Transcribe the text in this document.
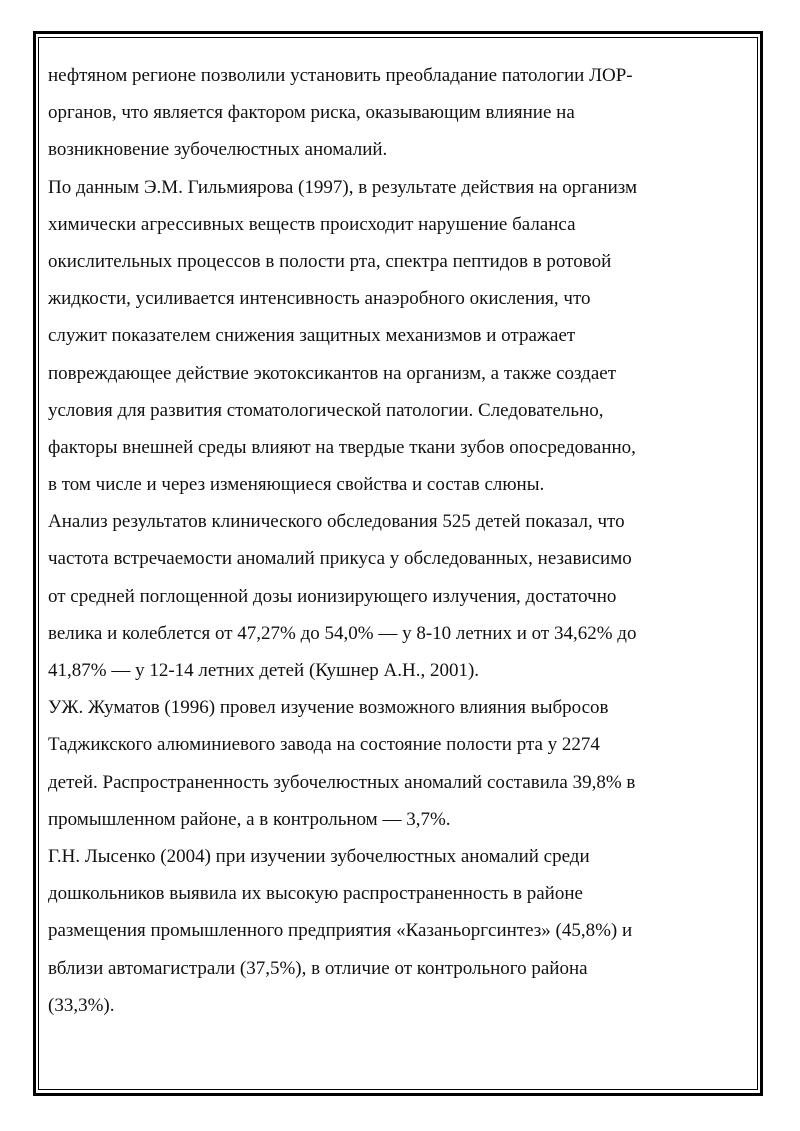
нефтяном регионе позволили установить преобладание патологии ЛОР-
органов, что является фактором риска, оказывающим влияние на
возникновение зубочелюстных аномалий.
По данным Э.М. Гильмиярова (1997), в результате действия на организм
химически агрессивных веществ происходит нарушение баланса
окислительных процессов в полости рта, спектра пептидов в ротовой
жидкости, усиливается интенсивность анаэробного окисления, что
служит показателем снижения защитных механизмов и отражает
повреждающее действие экотоксикантов на организм, а также создает
условия для развития стоматологической патологии. Следовательно,
факторы внешней среды влияют на твердые ткани зубов опосредованно,
в том числе и через изменяющиеся свойства и состав слюны.
Анализ результатов клинического обследования 525 детей показал, что
частота встречаемости аномалий прикуса у обследованных, независимо
от средней поглощенной дозы ионизирующего излучения, достаточно
велика и колеблется от 47,27% до 54,0% — у 8-10 летних и от 34,62% до
41,87% — у 12-14 летних детей (Кушнер А.Н., 2001).
УЖ. Жуматов (1996) провел изучение возможного влияния выбросов
Таджикского алюминиевого завода на состояние полости рта у 2274
детей. Распространенность зубочелюстных аномалий составила 39,8% в
промышленном районе, а в контрольном — 3,7%.
Г.Н. Лысенко (2004) при изучении зубочелюстных аномалий среди
дошкольников выявила их высокую распространенность в районе
размещения промышленного предприятия «Казаньоргсинтез» (45,8%) и
вблизи автомагистрали (37,5%), в отличие от контрольного района
(33,3%).
